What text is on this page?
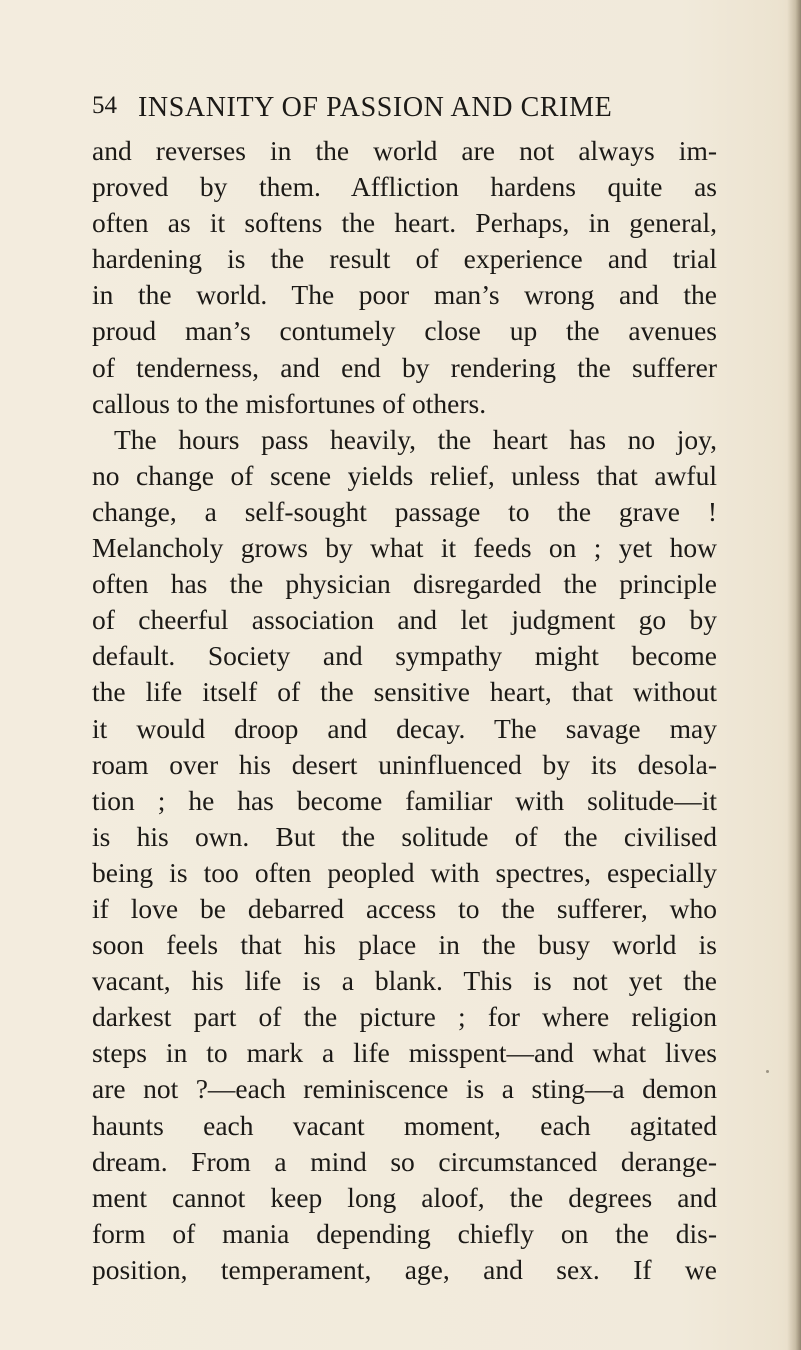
54 INSANITY OF PASSION AND CRIME
and reverses in the world are not always im-
proved by them. Affliction hardens quite as
often as it softens the heart. Perhaps, in general,
hardening is the result of experience and trial
in the world. The poor man’s wrong and the
proud man’s contumely close up the avenues
of tenderness, and end by rendering the sufferer
callous to the misfortunes of others.
The hours pass heavily, the heart has no joy,
no change of scene yields relief, unless that awful
change, a self-sought passage to the grave !
Melancholy grows by what it feeds on ; yet how
often has the physician disregarded the principle
of cheerful association and let judgment go by
default. Society and sympathy might become
the life itself of the sensitive heart, that without
it would droop and decay. The savage may
roam over his desert uninfluenced by its desola-
tion ; he has become familiar with solitude—it
is his own. But the solitude of the civilised
being is too often peopled with spectres, especially
if love be debarred access to the sufferer, who
soon feels that his place in the busy world is
vacant, his life is a blank. This is not yet the
darkest part of the picture ; for where religion
steps in to mark a life misspent—and what lives
are not ?—each reminiscence is a sting—a demon
haunts each vacant moment, each agitated
dream. From a mind so circumstanced derange-
ment cannot keep long aloof, the degrees and
form of mania depending chiefly on the dis-
position, temperament, age, and sex. If we
